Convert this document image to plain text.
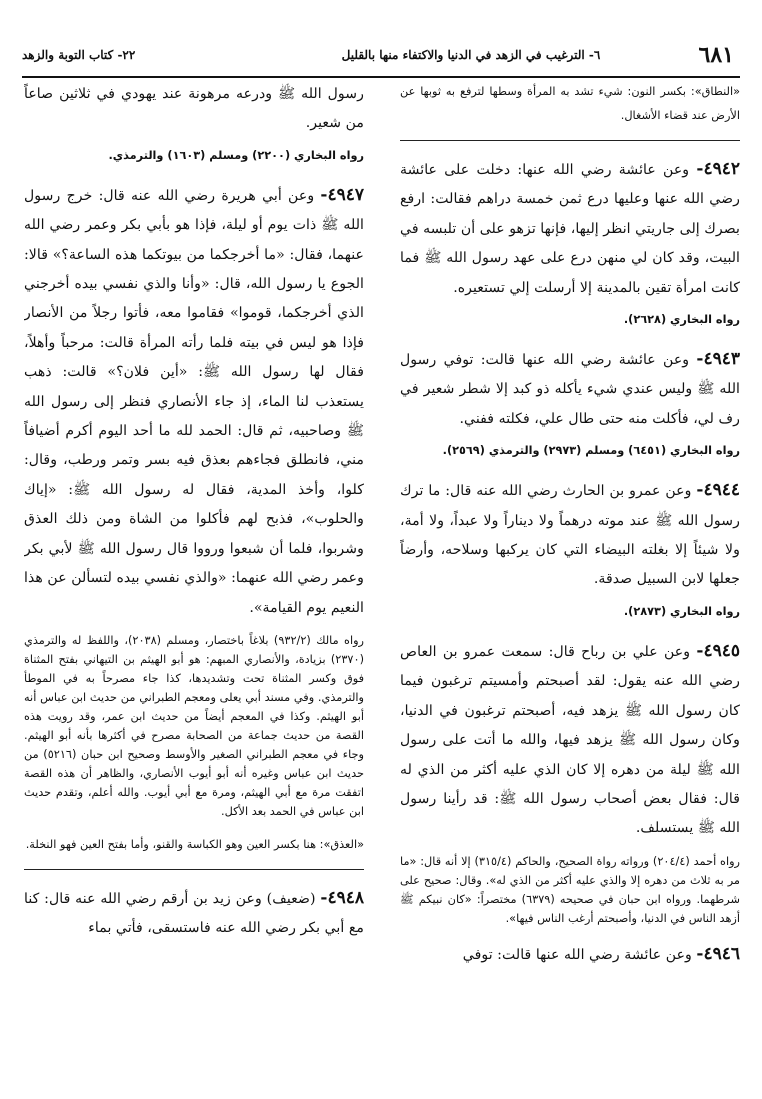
٦٨١
٦- الترغيب في الزهد في الدنيا والاكتفاء منها بالقليل
٢٢- كتاب التوبة والزهد

«النطاق»: بكسر النون: شيء تشد به المرأة وسطها لترفع به ثوبها عن الأرض عند قضاء الأشغال.

٤٩٤٢- وعن عائشة رضي الله عنها: دخلت على عائشة رضي الله عنها وعليها درع ثمن خمسة دراهم فقالت: ارفع بصرك إلى جاريتي انظر إليها، فإنها تزهو على أن تلبسه في البيت، وقد كان لي منهن درع على عهد رسول الله ﷺ فما كانت امرأة تقين بالمدينة إلا أرسلت إلي تستعيره.

رواه البخاري (٢٦٢٨).

٤٩٤٣- وعن عائشة رضي الله عنها قالت: توفي رسول الله ﷺ وليس عندي شيء يأكله ذو كبد إلا شطر شعير في رف لي، فأكلت منه حتى طال علي، فكلته ففني.

رواه البخاري (٦٤٥١) ومسلم (٢٩٧٣) والترمذي (٢٥٦٩).

٤٩٤٤- وعن عمرو بن الحارث رضي الله عنه قال: ما ترك رسول الله ﷺ عند موته درهماً ولا ديناراً ولا عبداً، ولا أمة، ولا شيئاً إلا بغلته البيضاء التي كان يركبها وسلاحه، وأرضاً جعلها لابن السبيل صدقة.

رواه البخاري (٢٨٧٣).

٤٩٤٥- وعن علي بن رباح قال: سمعت عمرو بن العاص رضي الله عنه يقول: لقد أصبحتم وأمسيتم ترغبون فيما كان رسول الله ﷺ يزهد فيه، أصبحتم ترغبون في الدنيا، وكان رسول الله ﷺ يزهد فيها، والله ما أتت على رسول الله ﷺ ليلة من دهره إلا كان الذي عليه أكثر من الذي له قال: فقال بعض أصحاب رسول الله ﷺ: قد رأينا رسول الله ﷺ يستسلف.

رواه أحمد (٢٠٤/٤) ورواته رواة الصحيح، والحاكم (٣١٥/٤) إلا أنه قال: «ما مر به ثلاث من دهره إلا والذي عليه أكثر من الذي له». وقال: صحيح على شرطهما. ورواه ابن حبان في صحيحه (٦٣٧٩) مختصراً: «كان نبيكم ﷺ أزهد الناس في الدنيا، وأصبحتم أرغب الناس فيها».

٤٩٤٦- وعن عائشة رضي الله عنها قالت: توفي

رسول الله ﷺ ودرعه مرهونة عند يهودي في ثلاثين صاعاً من شعير.

رواه البخاري (٢٢٠٠) ومسلم (١٦٠٣) والترمذي.

٤٩٤٧- وعن أبي هريرة رضي الله عنه قال: خرج رسول الله ﷺ ذات يوم أو ليلة، فإذا هو بأبي بكر وعمر رضي الله عنهما، فقال: «ما أخرجكما من بيوتكما هذه الساعة؟» قالا: الجوع يا رسول الله، قال: «وأنا والذي نفسي بيده أخرجني الذي أخرجكما، قوموا» فقاموا معه، فأتوا رجلاً من الأنصار فإذا هو ليس في بيته فلما رأته المرأة قالت: مرحباً وأهلاً، فقال لها رسول الله ﷺ: «أين فلان؟» قالت: ذهب يستعذب لنا الماء، إذ جاء الأنصاري فنظر إلى رسول الله ﷺ وصاحبيه، ثم قال: الحمد لله ما أحد اليوم أكرم أضيافاً مني، فانطلق فجاءهم بعذق فيه بسر وتمر ورطب، وقال: كلوا، وأخذ المدية، فقال له رسول الله ﷺ: «إياك والحلوب»، فذبح لهم فأكلوا من الشاة ومن ذلك العذق وشربوا، فلما أن شبعوا ورووا قال رسول الله ﷺ لأبي بكر وعمر رضي الله عنهما: «والذي نفسي بيده لتسألن عن هذا النعيم يوم القيامة».

رواه مالك (٩٣٢/٢) بلاغاً باختصار، ومسلم (٢٠٣٨)، واللفظ له والترمذي (٢٣٧٠) بزيادة، والأنصاري المبهم: هو أبو الهيثم بن التيهاني بفتح المثناة فوق وكسر المثناة تحت وتشديدها، كذا جاء مصرحاً به في الموطأ والترمذي. وفي مسند أبي يعلى ومعجم الطبراني من حديث ابن عباس أنه أبو الهيثم. وكذا في المعجم أيضاً من حديث ابن عمر، وقد رويت هذه القصة من حديث جماعة من الصحابة مصرح في أكثرها بأنه أبو الهيثم. وجاء في معجم الطبراني الصغير والأوسط وصحيح ابن حبان (٥٢١٦) من حديث ابن عباس وغيره أنه أبو أيوب الأنصاري، والظاهر أن هذه القصة اتفقت مرة مع أبي الهيثم، ومرة مع أبي أيوب. والله أعلم، وتقدم حديث ابن عباس في الحمد بعد الأكل.

«العذق»: هنا بكسر العين وهو الكباسة والقنو، وأما بفتح العين فهو النخلة.

٤٩٤٨- (ضعيف) وعن زيد بن أرقم رضي الله عنه قال: كنا مع أبي بكر رضي الله عنه فاستسقى، فأتي بماء
